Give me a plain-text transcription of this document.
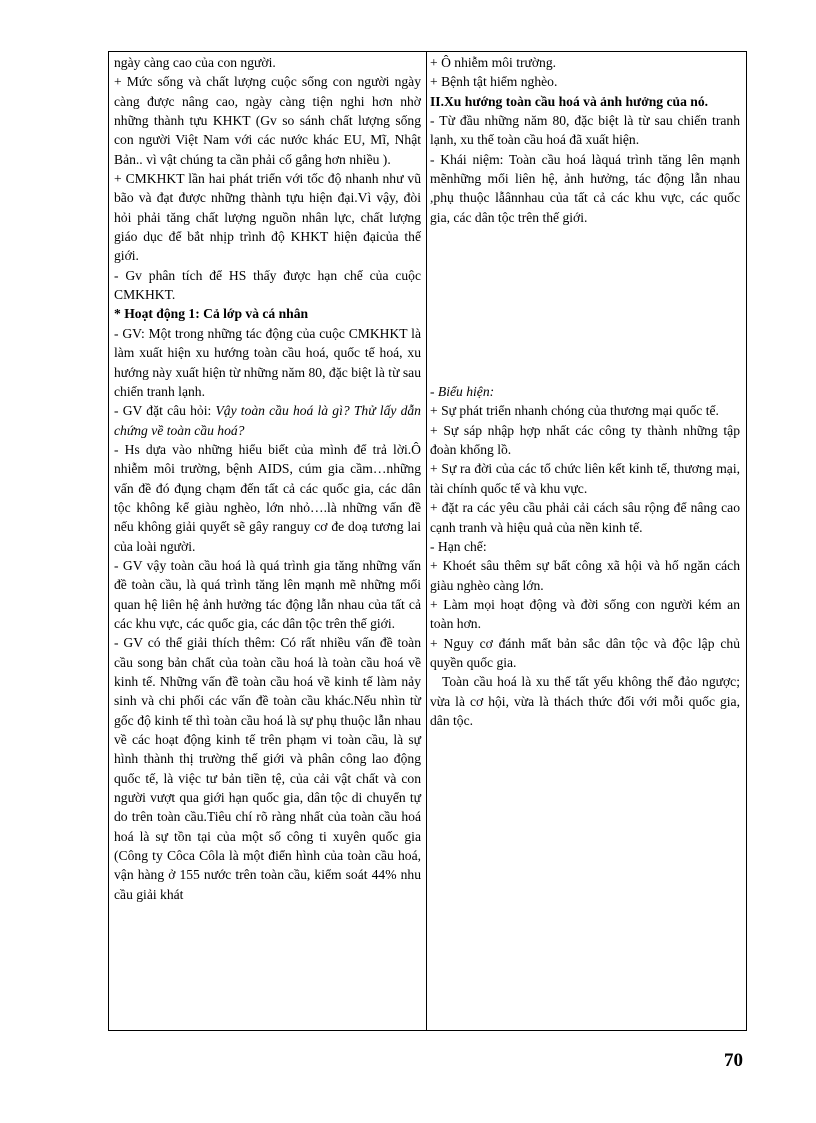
ngày càng cao của con người.

+ Mức sống và chất lượng cuộc sống con người ngày càng được nâng cao, ngày càng tiện nghi hơn nhờ những thành tựu KHKT (Gv so sánh chất lượng sống con người Việt Nam với các nước khác EU, Mĩ, Nhật Bản.. vì vật chúng ta cần phải cố gắng hơn nhiều ).

+ CMKHKT lần hai phát triển với tốc độ nhanh như vũ bão và đạt được những thành tựu hiện đại.Vì vậy, đòi hỏi phải tăng chất lượng nguồn nhân lực, chất lượng giáo dục để bắt nhịp trình độ KHKT hiện đạicủa thế giới.

- Gv phân tích để HS thấy được hạn chế của cuộc CMKHKT.

* Hoạt động 1: Cả lớp và cá nhân

- GV: Một trong những tác động của cuộc CMKHKT là làm xuất hiện xu hướng toàn cầu hoá, quốc tế hoá, xu hướng này xuất hiện từ những năm 80, đặc biệt là từ sau chiến tranh lạnh.

- GV đặt câu hỏi: Vậy toàn cầu hoá là gì? Thử lấy dẫn chứng về toàn cầu hoá?

- Hs dựa vào những hiểu biết của mình để trả lời.Ô nhiễm môi trường, bệnh AIDS, cúm gia cầm…những vấn đề đó đụng chạm đến tất cả các quốc gia, các dân tộc không kể giàu nghèo, lớn nhỏ….là những vấn đề nếu không giải quyết sẽ gây ranguy cơ đe doạ tương lai của loài người.

- GV vậy toàn cầu hoá là quá trình gia tăng những vấn đề toàn cầu, là quá trình tăng lên mạnh mẽ những mối quan hệ liên hệ ảnh hưởng tác động lẫn nhau của tất cả các khu vực, các quốc gia, các dân tộc trên thế giới.

- GV có thể giải thích thêm: Có rất nhiều vấn đề toàn cầu song bản chất của toàn cầu hoá là toàn cầu hoá về kinh tế. Những vấn đề toàn cầu hoá về kinh tế làm nảy sinh và chi phối các vấn đề toàn cầu khác.Nếu nhìn từ gốc độ kinh tế thì toàn cầu hoá là sự phụ thuộc lẫn nhau về các hoạt động kinh tế trên phạm vi toàn cầu, là sự hình thành thị trường thế giới và phân công lao động quốc tế, là việc tư bản tiền tệ, của cải vật chất và con người vượt qua giới hạn quốc gia, dân tộc di chuyển tự do trên toàn cầu.Tiêu chí rõ ràng nhất của toàn cầu hoá hoá là sự tồn tại của một số công ti xuyên quốc gia (Công ty Côca Côla là một điển hình của toàn cầu hoá, vận hàng ở 155 nước trên toàn cầu, kiểm soát 44% nhu cầu giải khát

+ Ô nhiễm môi trường.

+ Bệnh tật hiểm nghèo.

II.Xu hướng toàn cầu hoá và ảnh hưởng của nó.

- Từ đầu những năm 80, đặc biệt là từ sau chiến tranh lạnh, xu thế toàn cầu hoá đã xuất hiện.

- Khái niệm: Toàn cầu hoá làquá trình tăng lên mạnh mẽnhững mối liên hệ, ảnh hưởng, tác động lẫn nhau ,phụ thuộc lẫânnhau của tất cả các khu vực, các quốc gia, các dân tộc trên thế giới.

- Biểu hiện:

+ Sự phát triển nhanh chóng của thương mại quốc tế.

+ Sự sáp nhập hợp nhất các công ty thành những tập đoàn khổng lồ.

+ Sự ra đời của các tổ chức liên kết kinh tế, thương mại, tài chính quốc tế và khu vực.

+ đặt ra các yêu cầu phải cải cách sâu rộng để nâng cao cạnh tranh và hiệu quả của nền kinh tế.

- Hạn chế:

+ Khoét sâu thêm sự bất công xã hội và hố ngăn cách giàu nghèo càng lớn.

+ Làm mọi hoạt động và đời sống con người kém an toàn hơn.

+ Nguy cơ đánh mất bản sắc dân tộc và độc lập chủ quyền quốc gia.

Toàn cầu hoá là xu thế tất yếu không thể đảo ngược; vừa là cơ hội, vừa là thách thức đối với mỗi quốc gia, dân tộc.

70
